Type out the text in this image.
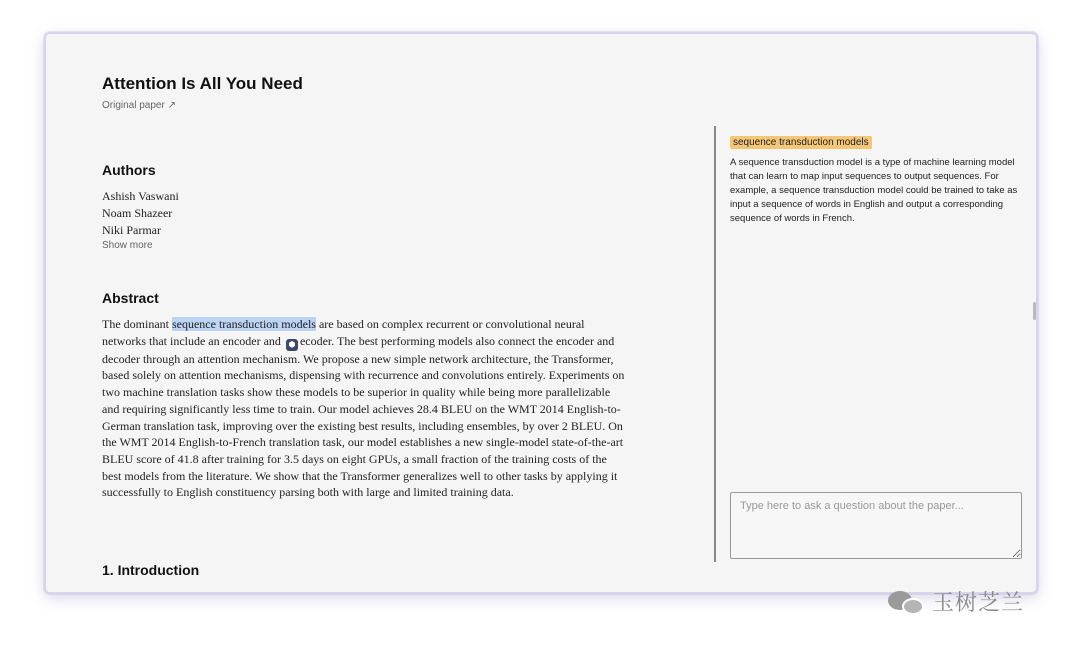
Attention Is All You Need
Original paper ↗
Authors
Ashish Vaswani
Noam Shazeer
Niki Parmar
Show more
Abstract

The dominant sequence transduction models are based on complex recurrent or convolutional neural networks that include an encoder and ⬢ ecoder. The best performing models also connect the encoder and decoder through an attention mechanism. We propose a new simple network architecture, the Transformer, based solely on attention mechanisms, dispensing with recurrence and convolutions entirely. Experiments on two machine translation tasks show these models to be superior in quality while being more parallelizable and requiring significantly less time to train. Our model achieves 28.4 BLEU on the WMT 2014 English-to-German translation task, improving over the existing best results, including ensembles, by over 2 BLEU. On the WMT 2014 English-to-French translation task, our model establishes a new single-model state-of-the-art BLEU score of 41.8 after training for 3.5 days on eight GPUs, a small fraction of the training costs of the best models from the literature. We show that the Transformer generalizes well to other tasks by applying it successfully to English constituency parsing both with large and limited training data.

1. Introduction
sequence transduction models

A sequence transduction model is a type of machine learning model that can learn to map input sequences to output sequences. For example, a sequence transduction model could be trained to take as input a sequence of words in English and output a corresponding sequence of words in French.

Type here to ask a question about the paper...
玉树芝兰
